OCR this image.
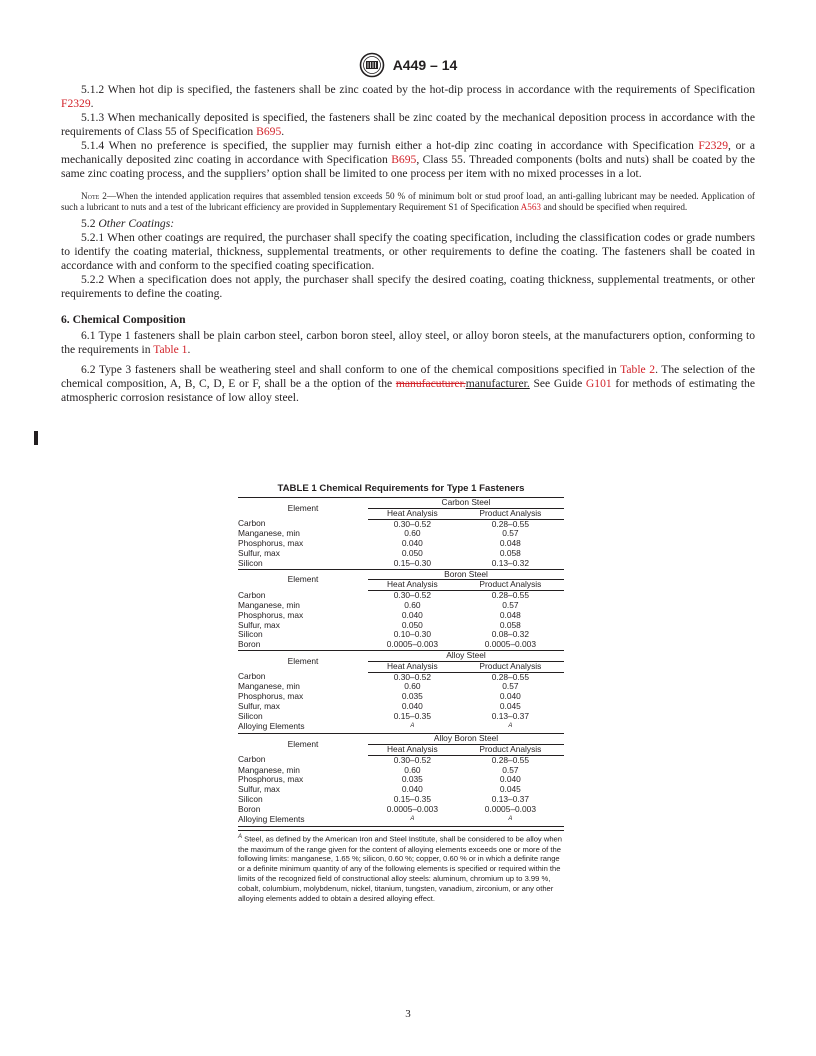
A449 – 14

5.1.2 When hot dip is specified, the fasteners shall be zinc coated by the hot-dip process in accordance with the requirements of Specification F2329.

5.1.3 When mechanically deposited is specified, the fasteners shall be zinc coated by the mechanical deposition process in accordance with the requirements of Class 55 of Specification B695.

5.1.4 When no preference is specified, the supplier may furnish either a hot-dip zinc coating in accordance with Specification F2329, or a mechanically deposited zinc coating in accordance with Specification B695, Class 55. Threaded components (bolts and nuts) shall be coated by the same zinc coating process, and the suppliers’ option shall be limited to one process per item with no mixed processes in a lot.

Note 2—When the intended application requires that assembled tension exceeds 50 % of minimum bolt or stud proof load, an anti-galling lubricant may be needed. Application of such a lubricant to nuts and a test of the lubricant efficiency are provided in Supplementary Requirement S1 of Specification A563 and should be specified when required.

5.2 Other Coatings:

5.2.1 When other coatings are required, the purchaser shall specify the coating specification, including the classification codes or grade numbers to identify the coating material, thickness, supplemental treatments, or other requirements to define the coating. The fasteners shall be coated in accordance with and conform to the specified coating specification.

5.2.2 When a specification does not apply, the purchaser shall specify the desired coating, coating thickness, supplemental treatments, or other requirements to define the coating.

6. Chemical Composition

6.1 Type 1 fasteners shall be plain carbon steel, carbon boron steel, alloy steel, or alloy boron steels, at the manufacturers option, conforming to the requirements in Table 1.

6.2 Type 3 fasteners shall be weathering steel and shall conform to one of the chemical compositions specified in Table 2. The selection of the chemical composition, A, B, C, D, E or F, shall be a the option of the manufacuturer.manufacturer. See Guide G101 for methods of estimating the atmospheric corrosion resistance of low alloy steel.

TABLE 1 Chemical Requirements for Type 1 Fasteners
Element	Carbon Steel	
	Heat Analysis	Product Analysis
Carbon	0.30–0.52	0.28–0.55
Manganese, min	0.60	0.57
Phosphorus, max	0.040	0.048
Sulfur, max	0.050	0.058
Silicon	0.15–0.30	0.13–0.32
Element	Boron Steel	
	Heat Analysis	Product Analysis
Carbon	0.30–0.52	0.28–0.55
Manganese, min	0.60	0.57
Phosphorus, max	0.040	0.048
Sulfur, max	0.050	0.058
Silicon	0.10–0.30	0.08–0.32
Boron	0.0005–0.003	0.0005–0.003
Element	Alloy Steel	
	Heat Analysis	Product Analysis
Carbon	0.30–0.52	0.28–0.55
Manganese, min	0.60	0.57
Phosphorus, max	0.035	0.040
Sulfur, max	0.040	0.045
Silicon	0.15–0.35	0.13–0.37
Alloying Elements	$^A$	$^A$
Element	Alloy Boron Steel	
	Heat Analysis	Product Analysis
Carbon	0.30–0.52	0.28–0.55
Manganese, min	0.60	0.57
Phosphorus, max	0.035	0.040
Sulfur, max	0.040	0.045
Silicon	0.15–0.35	0.13–0.37
Boron	0.0005–0.003	0.0005–0.003
Alloying Elements	$^A$	$^A$
$^A$ Steel, as defined by the American Iron and Steel Institute, shall be considered to be alloy when the maximum of the range given for the content of alloying elements exceeds one or more of the following limits: manganese, 1.65 %; silicon, 0.60 %; copper, 0.60 % or in which a definite range or a definite minimum quantity of any of the following elements is specified or required within the limits of the recognized field of constructional alloy steels: aluminum, chromium up to 3.99 %, cobalt, columbium, molybdenum, nickel, titanium, tungsten, vanadium, zirconium, or any other alloying elements added to obtain a desired alloying effect.
3
